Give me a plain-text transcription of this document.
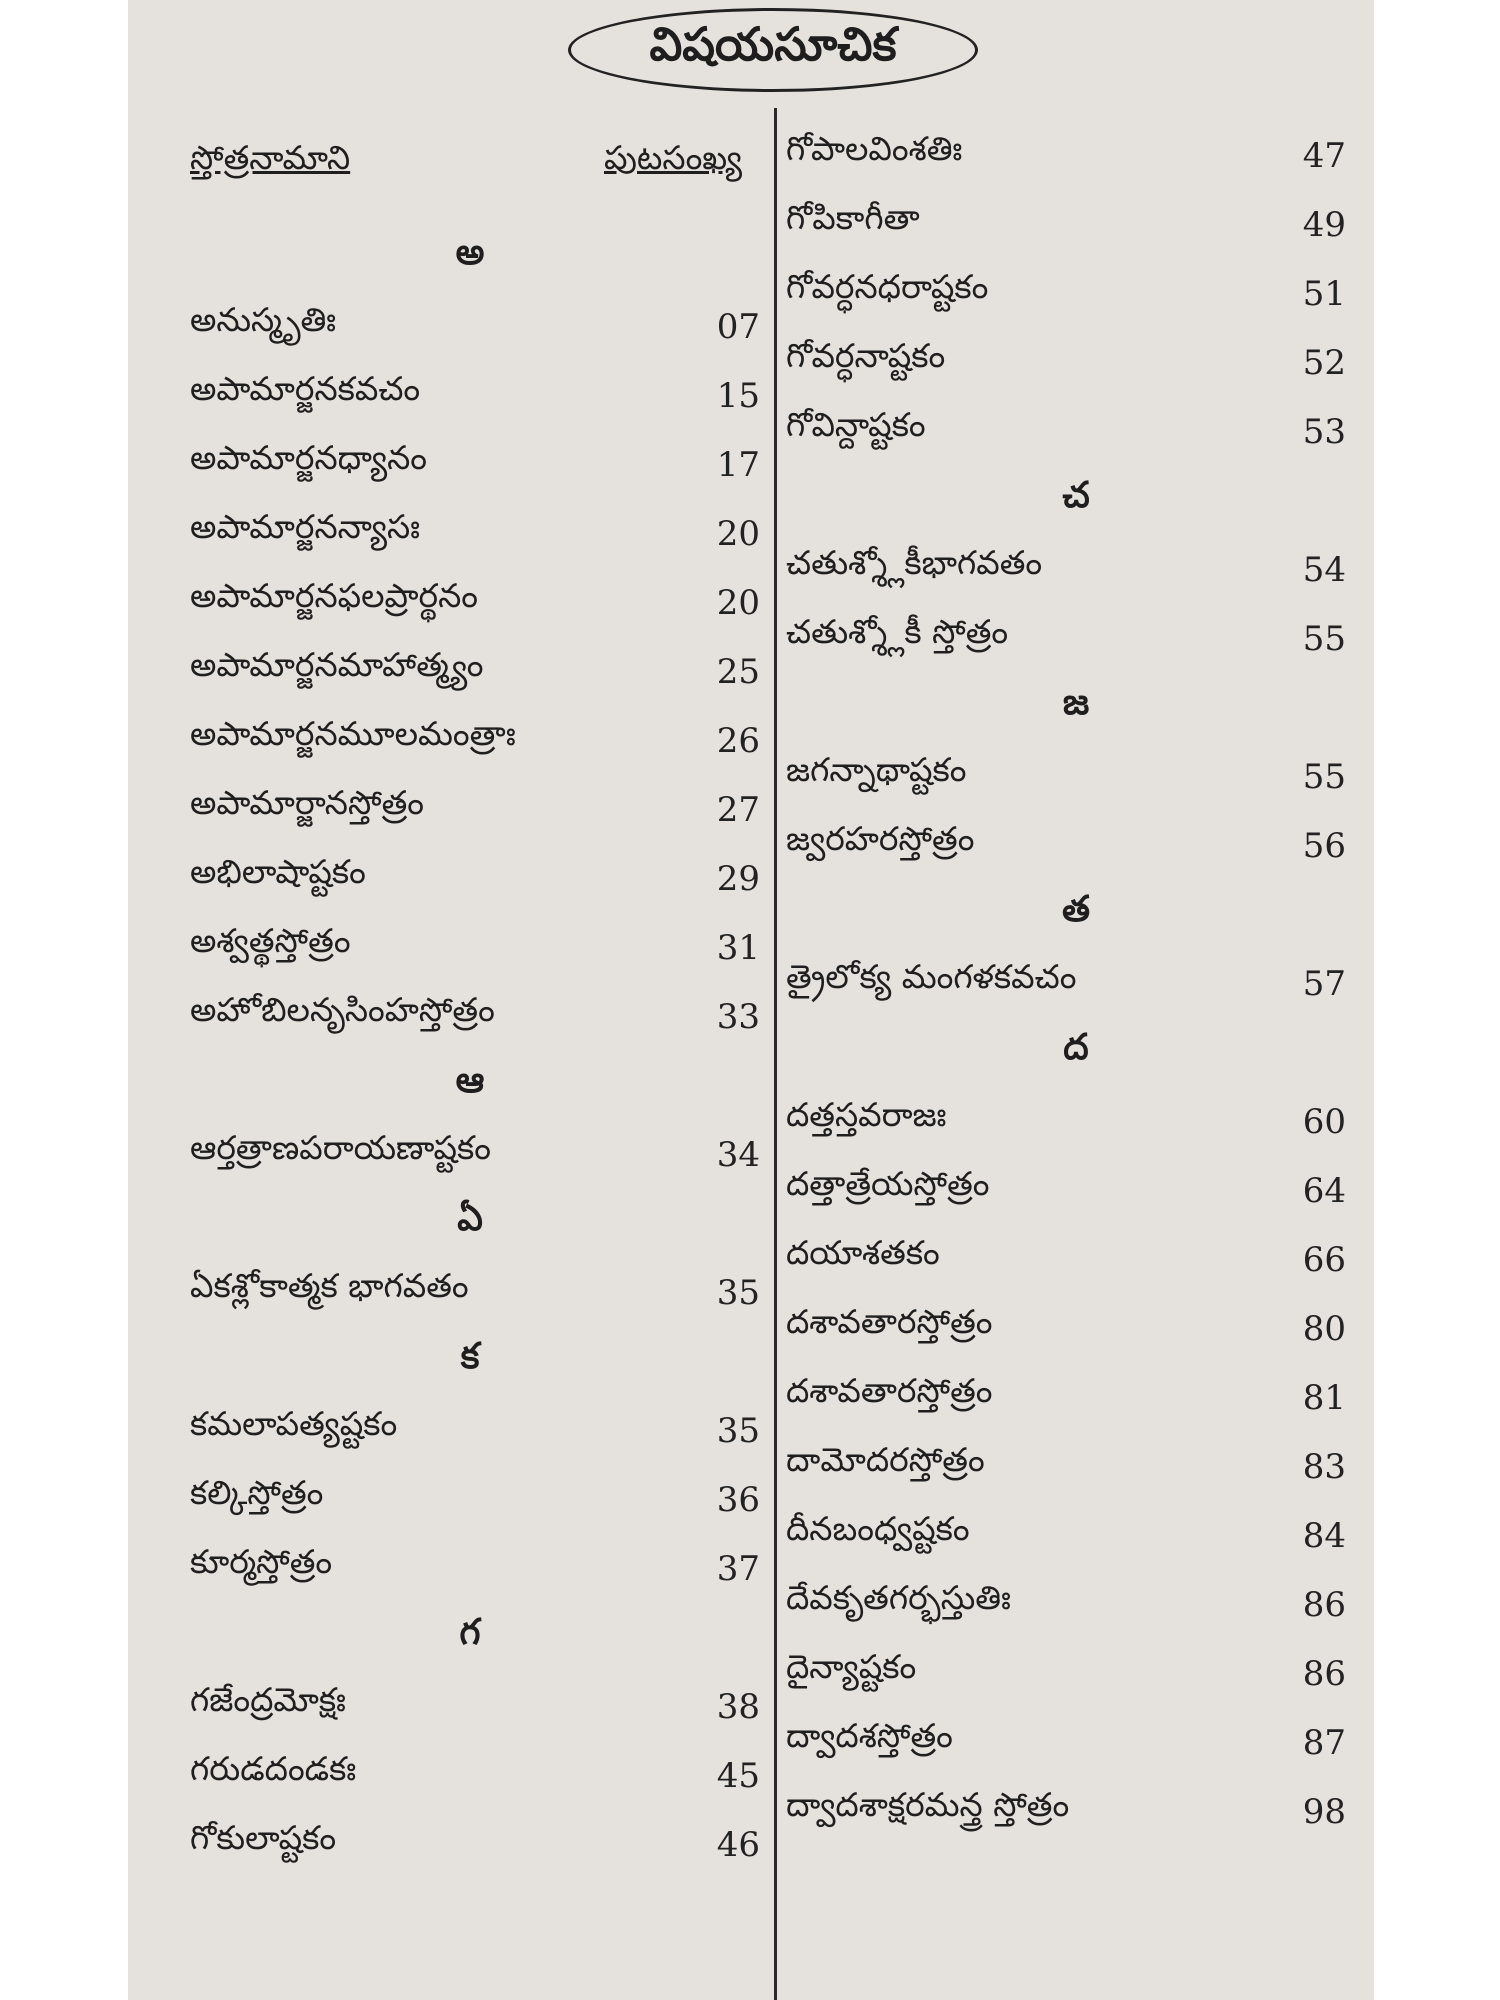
విషయసూచిక
స్తోత్రనామాని	పుటసంఖ్య
అ
అనుస్మృతిః	07
అపామార్జనకవచం	15
అపామార్జనధ్యానం	17
అపామార్జనన్యాసః	20
అపామార్జనఫలప్రార్థనం	20
అపామార్జనమాహాత్మ్యం	25
అపామార్జనమూలమంత్రాః	26
అపామార్జానస్తోత్రం	27
అభిలాషాష్టకం	29
అశ్వత్థస్తోత్రం	31
అహోబిలనృసింహస్తోత్రం	33
ఆ
ఆర్తత్రాణపరాయణాష్టకం	34
ఏ
ఏకశ్లోకాత్మక భాగవతం	35
క
కమలాపత్యష్టకం	35
కల్కిస్తోత్రం	36
కూర్మస్తోత్రం	37
గ
గజేంద్రమోక్షః	38
గరుడదండకః	45
గోకులాష్టకం	46
గోపాలవింశతిః	47
గోపికాగీతా	49
గోవర్ధనధరాష్టకం	51
గోవర్ధనాష్టకం	52
గోవిన్దాష్టకం	53
చ
చతుశ్శ్లోకీభాగవతం	54
చతుశ్శ్లోకీ స్తోత్రం	55
జ
జగన్నాథాష్టకం	55
జ్వరహరస్తోత్రం	56
త
త్రైలోక్య మంగళకవచం	57
ద
దత్తస్తవరాజః	60
దత్తాత్రేయస్తోత్రం	64
దయాశతకం	66
దశావతారస్తోత్రం	80
దశావతారస్తోత్రం	81
దామోదరస్తోత్రం	83
దీనబంధ్వష్టకం	84
దేవకృతగర్భస్తుతిః	86
దైన్యాష్టకం	86
ద్వాదశస్తోత్రం	87
ద్వాదశాక్షరమన్త్ర స్తోత్రం	98
